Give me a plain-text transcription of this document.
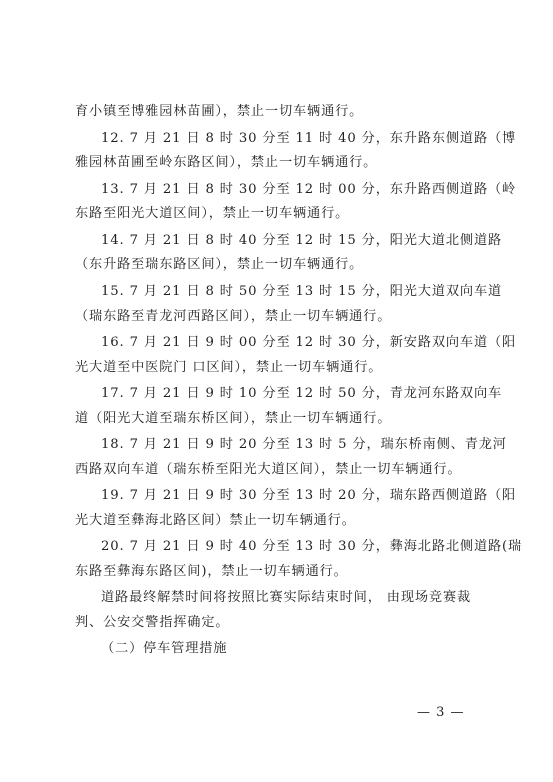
育小镇至博雅园林苗圃），禁止一切车辆通行。
12. 7 月 21 日 8 时 30 分至 11 时 40 分，东升路东侧道路（博
雅园林苗圃至岭东路区间），禁止一切车辆通行。
13. 7 月 21 日 8 时 30 分至 12 时 00 分，东升路西侧道路（岭
东路至阳光大道区间），禁止一切车辆通行。
14. 7 月 21 日 8 时 40 分至 12 时 15 分，阳光大道北侧道路
（东升路至瑞东路区间），禁止一切车辆通行。
15. 7 月 21 日 8 时 50 分至 13 时 15 分，阳光大道双向车道
（瑞东路至青龙河西路区间），禁止一切车辆通行。
16. 7 月 21 日 9 时 00 分至 12 时 30 分，新安路双向车道（阳
光大道至中医院门 口区间），禁止一切车辆通行。
17. 7 月 21 日 9 时 10 分至 12 时 50 分，青龙河东路双向车
道（阳光大道至瑞东桥区间），禁止一切车辆通行。
18. 7 月 21 日 9 时 20 分至 13 时 5 分，瑞东桥南侧、青龙河
西路双向车道（瑞东桥至阳光大道区间），禁止一切车辆通行。
19. 7 月 21 日 9 时 30 分至 13 时 20 分，瑞东路西侧道路（阳
光大道至彝海北路区间）禁止一切车辆通行。
20. 7 月 21 日 9 时 40 分至 13 时 30 分，彝海北路北侧道路(瑞
东路至彝海东路区间)，禁止一切车辆通行。
道路最终解禁时间将按照比赛实际结束时间， 由现场竞赛裁
判、公安交警指挥确定。
（二）停车管理措施
— 3 —
